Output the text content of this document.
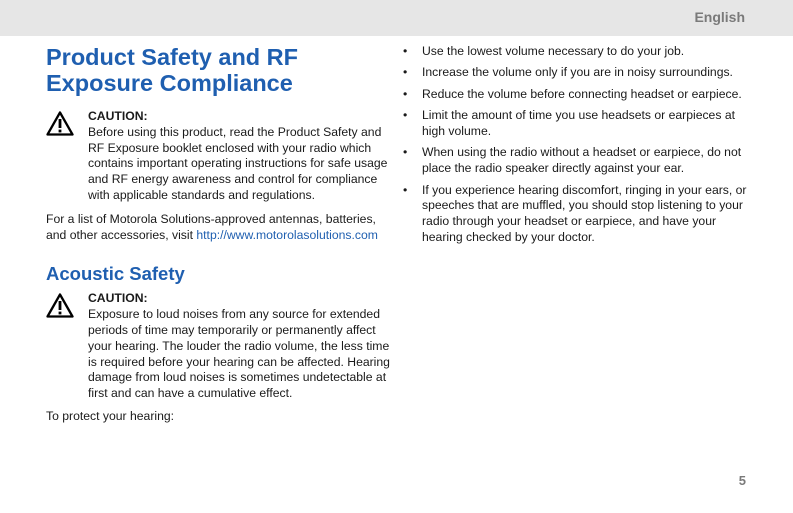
English
Product Safety and RF Exposure Compliance
CAUTION:
Before using this product, read the Product Safety and RF Exposure booklet enclosed with your radio which contains important operating instructions for safe usage and RF energy awareness and control for compliance with applicable standards and regulations.

For a list of Motorola Solutions-approved antennas, batteries, and other accessories, visit http://​www.motorolasolutions.com

Acoustic Safety
CAUTION:
Exposure to loud noises from any source for extended periods of time may temporarily or permanently affect your hearing. The louder the radio volume, the less time is required before your hearing can be affected. Hearing damage from loud noises is sometimes undetectable at first and can have a cumulative effect.

To protect your hearing:

• Use the lowest volume necessary to do your job.
• Increase the volume only if you are in noisy surroundings.
• Reduce the volume before connecting headset or earpiece.
• Limit the amount of time you use headsets or earpieces at high volume.
• When using the radio without a headset or earpiece, do not place the radio speaker directly against your ear.
• If you experience hearing discomfort, ringing in your ears, or speeches that are muffled, you should stop listening to your radio through your headset or earpiece, and have your hearing checked by your doctor.
5
